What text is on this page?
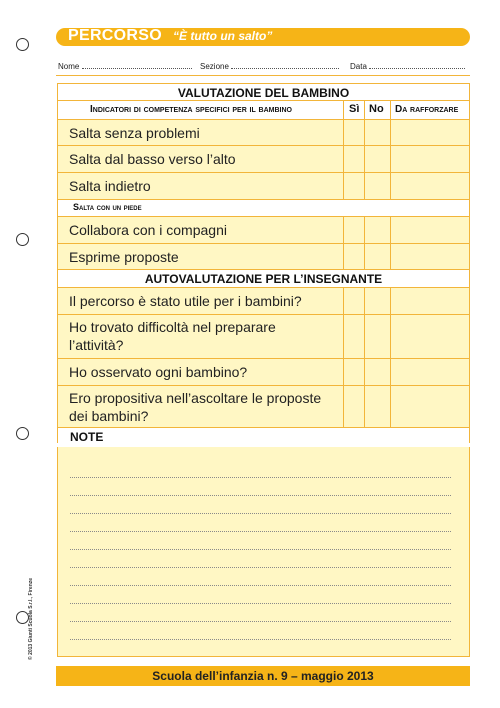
PERCORSO “È tutto un salto”
Nome	Sezione	Data
VALUTAZIONE DEL BAMBINO
Indicatori di competenza specifici per il bambino	Sì No Da rafforzare
Salta senza problemi
Salta dal basso verso l’alto
Salta indietro
Salta con un piede
Collabora con i compagni
Esprime proposte
AUTOVALUTAZIONE PER L’INSEGNANTE
Il percorso è stato utile per i bambini?
Ho trovato difficoltà nel preparare l’attività?
Ho osservato ogni bambino?
Ero propositiva nell’ascoltare le proposte dei bambini?
NOTE
Scuola dell’infanzia n. 9 – maggio 2013
© 2013 Giunti Scuola S.r.l., Firenze
